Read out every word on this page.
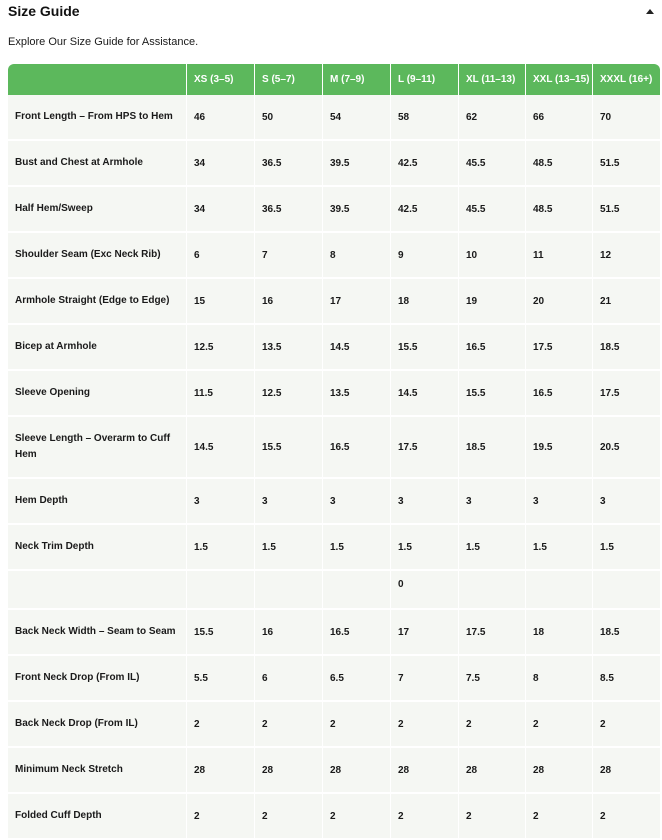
Size Guide
Explore Our Size Guide for Assistance.
	XS (3–5)	S (5–7)	M (7–9)	L (9–11)	XL (11–13)	XXL (13–15)	XXXL (16+)
Front Length – From HPS to Hem	46	50	54	58	62	66	70
Bust and Chest at Armhole	34	36.5	39.5	42.5	45.5	48.5	51.5
Half Hem/Sweep	34	36.5	39.5	42.5	45.5	48.5	51.5
Shoulder Seam (Exc Neck Rib)	6	7	8	9	10	11	12
Armhole Straight (Edge to Edge)	15	16	17	18	19	20	21
Bicep at Armhole	12.5	13.5	14.5	15.5	16.5	17.5	18.5
Sleeve Opening	11.5	12.5	13.5	14.5	15.5	16.5	17.5
Sleeve Length – Overarm to Cuff Hem	14.5	15.5	16.5	17.5	18.5	19.5	20.5
Hem Depth	3	3	3	3	3	3	3
Neck Trim Depth	1.5	1.5	1.5	1.5	1.5	1.5	1.5
				0			
Back Neck Width – Seam to Seam	15.5	16	16.5	17	17.5	18	18.5
Front Neck Drop (From IL)	5.5	6	6.5	7	7.5	8	8.5
Back Neck Drop (From IL)	2	2	2	2	2	2	2
Minimum Neck Stretch	28	28	28	28	28	28	28
Folded Cuff Depth	2	2	2	2	2	2	2
